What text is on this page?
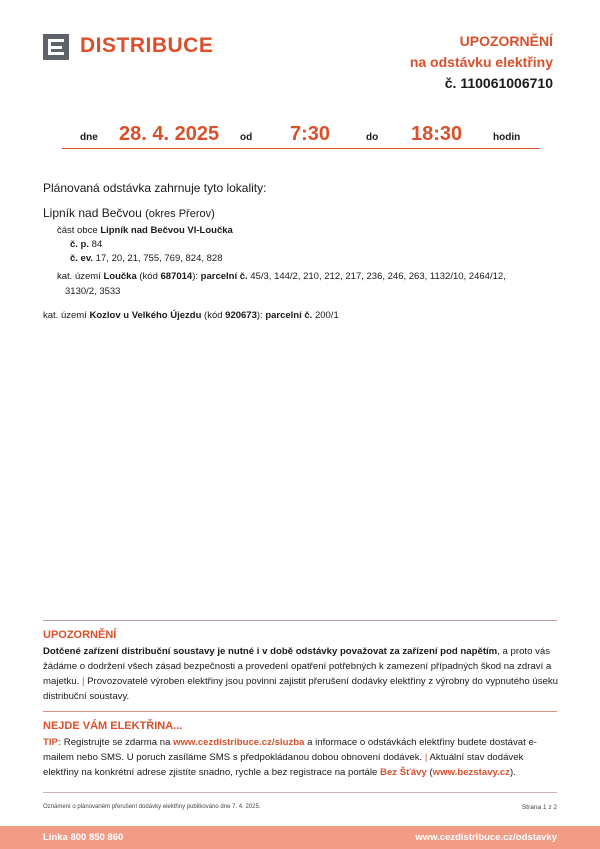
DISTRIBUCE	UPOZORNĚNÍ
na odstávku elektřiny
č. 110061006710
dne 28. 4. 2025 od 7:30	do 18:30	hodin
Plánovaná odstávka zahrnuje tyto lokality:
Lipník nad Bečvou (okres Přerov)
část obce Lipník nad Bečvou VI-Loučka
č. p. 84
č. ev. 17, 20, 21, 755, 769, 824, 828
kat. území Loučka (kód 687014): parcelní č. 45/3, 144/2, 210, 212, 217, 236, 246, 263, 1132/10, 2464/12,
3130/2, 3533
kat. území Kozlov u Velkého Újezdu (kód 920673): parcelní č. 200/1
UPOZORNĚNÍ
Dotčené zařízení distribuční soustavy je nutné i v době odstávky považovat za zařízení pod napětím, a proto vás žádáme o dodržení všech zásad bezpečnosti a provedení opatření potřebných k zamezení případných škod na zdraví a majetku. | Provozovatelé výroben elektřiny jsou povinni zajistit přerušení dodávky elektřiny z výrobny do vypnutého úseku distribuční soustavy.
NEJDE VÁM ELEKTŘINA...
TIP: Registrujte se zdarma na www.cezdistribuce.cz/sluzba a informace o odstávkách elektřiny budete dostávat e-mailem nebo SMS. U poruch zasíláme SMS s předpokládanou dobou obnovení dodávek. | Aktuální stav dodávek elektřiny na konkrétní adrese zjistíte snadno, rychle a bez registrace na portále Bez Šťávy (www.bezstavy.cz).
Oznámení o plánovaném přerušení dodávky elektřiny publikováno dne 7. 4. 2025.	Strana 1 z 2
Linka 800 850 860	www.cezdistribuce.cz/odstavky
